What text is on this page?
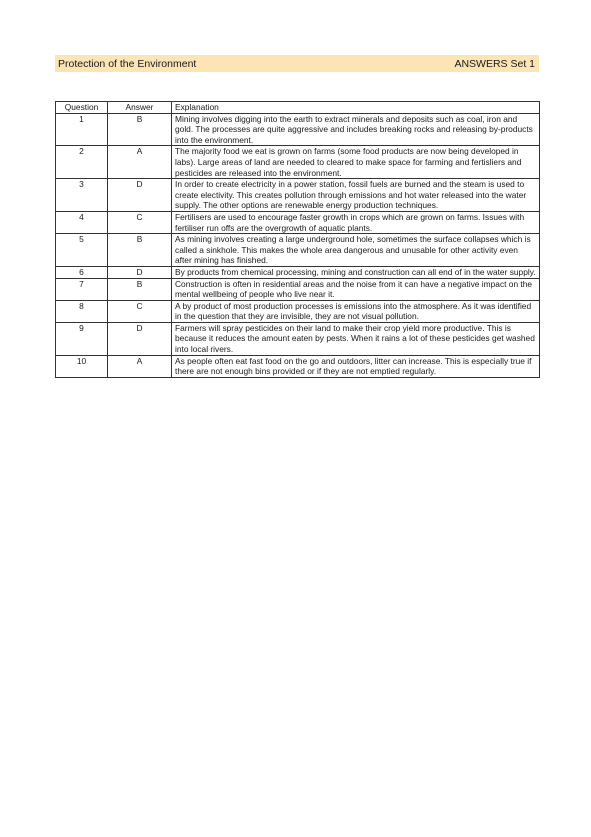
Protection of the Environment	ANSWERS Set 1
Question	Answer	Explanation
1	B	Mining involves digging into the earth to extract minerals and deposits such as coal, iron and gold. The processes are quite aggressive and includes breaking rocks and releasing by-products into the environment.
2	A	The majority food we eat is grown on farms (some food products are now being developed in labs). Large areas of land are needed to cleared to make space for farming and fertisliers and pesticides are released into the environment.
3	D	In order to create electricity in a power station, fossil fuels are burned and the steam is used to create electivity. This creates pollution through emissions and hot water released into the water supply. The other options are renewable energy production techniques.
4	C	Fertilisers are used to encourage faster growth in crops which are grown on farms. Issues with fertiliser run offs are the overgrowth of aquatic plants.
5	B	As mining involves creating a large underground hole, sometimes the surface collapses which is called a sinkhole. This makes the whole area dangerous and unusable for other activity even after mining has finished.
6	D	By products from chemical processing, mining and construction can all end of in the water supply.
7	B	Construction is often in residential areas and the noise from it can have a negative impact on the mental wellbeing of people who live near it.
8	C	A by product of most production processes is emissions into the atmosphere. As it was identified in the question that they are invisible, they are not visual pollution.
9	D	Farmers will spray pesticides on their land to make their crop yield more productive. This is because it reduces the amount eaten by pests. When it rains a lot of these pesticides get washed into local rivers.
10	A	As people often eat fast food on the go and outdoors, litter can increase. This is especially true if there are not enough bins provided or if they are not emptied regularly.
